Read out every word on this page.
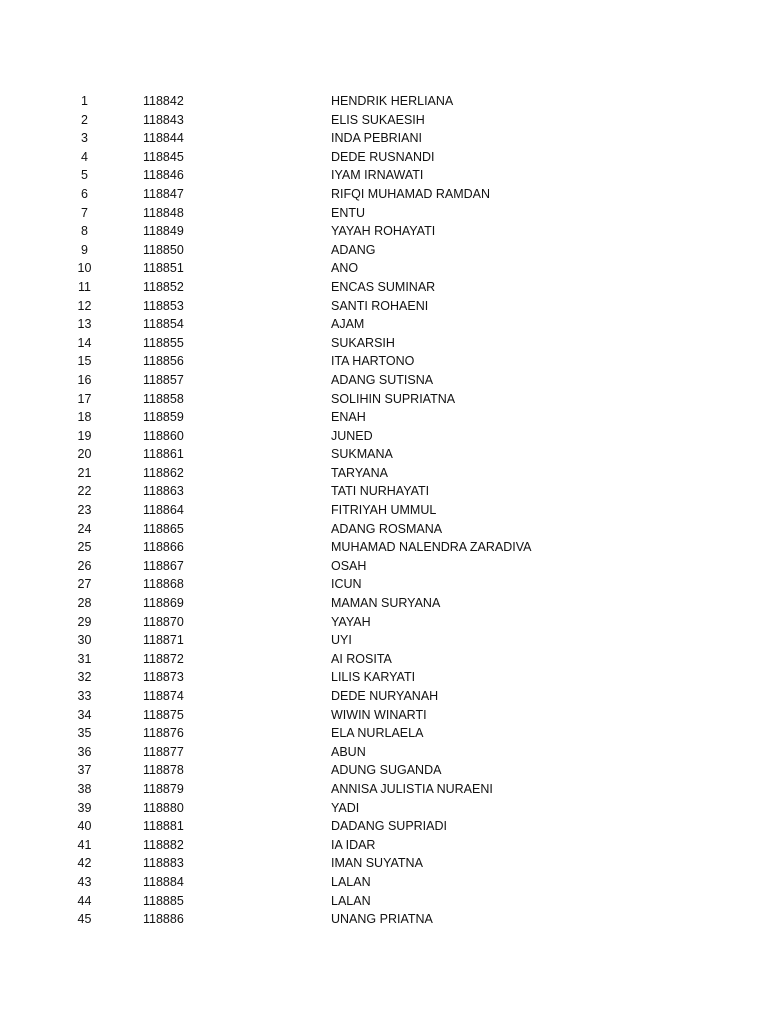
1	118842	HENDRIK HERLIANA
2	118843	ELIS SUKAESIH
3	118844	INDA PEBRIANI
4	118845	DEDE RUSNANDI
5	118846	IYAM IRNAWATI
6	118847	RIFQI MUHAMAD RAMDAN
7	118848	ENTU
8	118849	YAYAH ROHAYATI
9	118850	ADANG
10	118851	ANO
11	118852	ENCAS SUMINAR
12	118853	SANTI ROHAENI
13	118854	AJAM
14	118855	SUKARSIH
15	118856	ITA HARTONO
16	118857	ADANG SUTISNA
17	118858	SOLIHIN SUPRIATNA
18	118859	ENAH
19	118860	JUNED
20	118861	SUKMANA
21	118862	TARYANA
22	118863	TATI NURHAYATI
23	118864	FITRIYAH UMMUL
24	118865	ADANG ROSMANA
25	118866	MUHAMAD NALENDRA ZARADIVA
26	118867	OSAH
27	118868	ICUN
28	118869	MAMAN SURYANA
29	118870	YAYAH
30	118871	UYI
31	118872	AI ROSITA
32	118873	LILIS KARYATI
33	118874	DEDE NURYANAH
34	118875	WIWIN WINARTI
35	118876	ELA NURLAELA
36	118877	ABUN
37	118878	ADUNG SUGANDA
38	118879	ANNISA JULISTIA NURAENI
39	118880	YADI
40	118881	DADANG SUPRIADI
41	118882	IA IDAR
42	118883	IMAN SUYATNA
43	118884	LALAN
44	118885	LALAN
45	118886	UNANG PRIATNA
